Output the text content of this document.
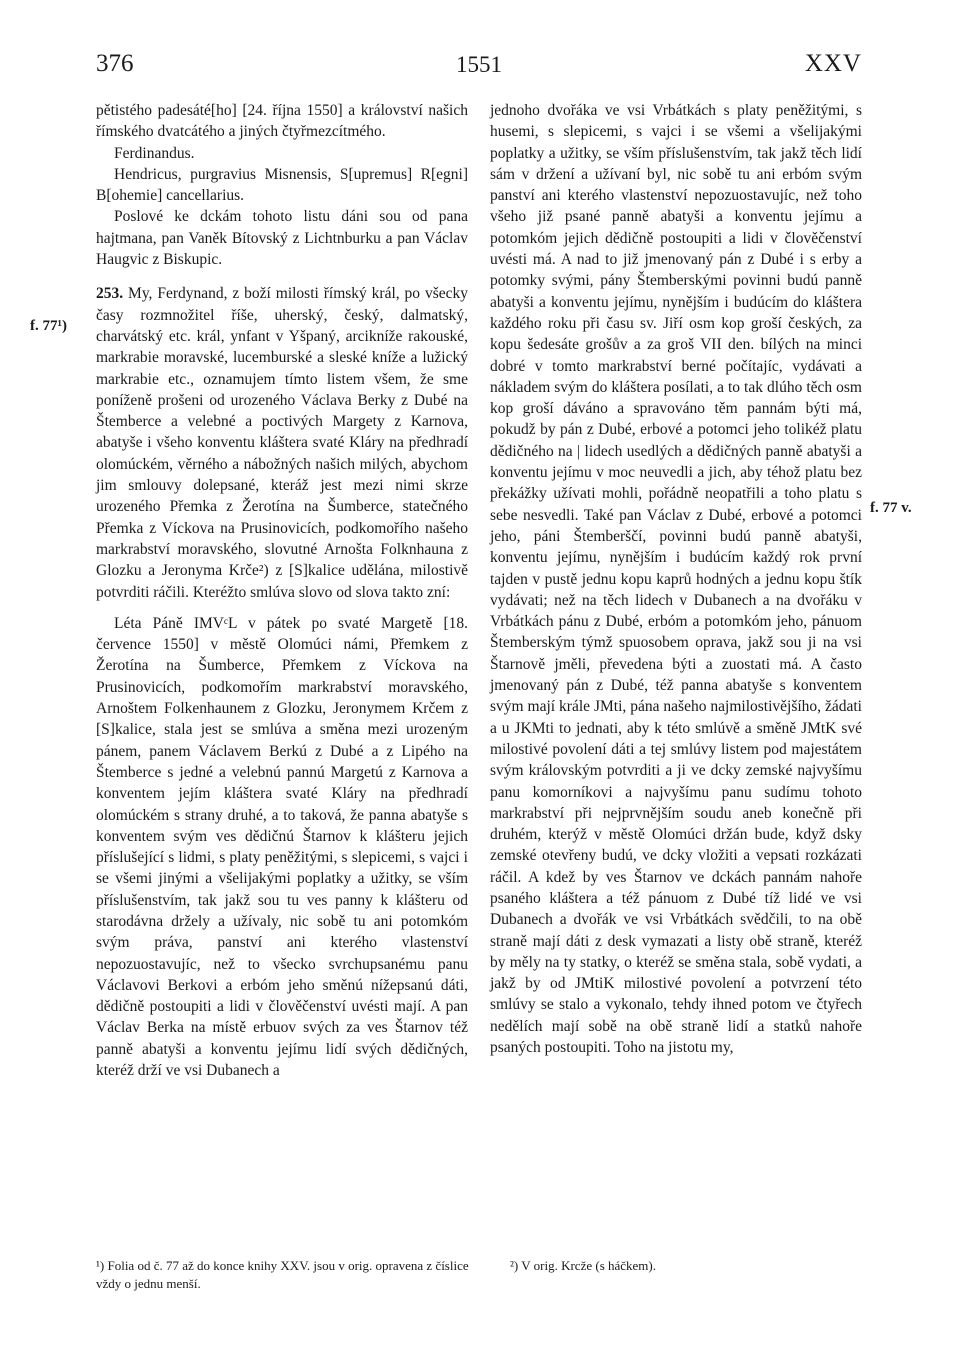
376	1551	XXV
f. 77¹)
f. 77 v.

pětistého padesáté[ho] [24. října 1550] a království našich římského dvatcátého a jiných čtyřmezcítmého.

Ferdinandus.

Hendricus, purgravius Misnensis, S[upremus] R[egni] B[ohemie] cancellarius.

Poslové ke dckám tohoto listu dáni sou od pana hajtmana, pan Vaněk Bítovský z Lichtnburku a pan Václav Haugvic z Biskupic.

253. My, Ferdynand, z boží milosti římský král, po všecky časy rozmnožitel říše, uherský, český, dalmatský, charvátský etc. král, ynfant v Yšpaný, arcikníže rakouské, markrabie moravské, lucemburské a sleské kníže a lužický markrabie etc., oznamujem tímto listem všem, že sme poníženě prošeni od urozeného Václava Berky z Dubé na Štemberce a velebné a poctivých Margety z Karnova, abatyše i všeho konventu kláštera svaté Kláry na předhradí olomúckém, věrného a nábožných našich milých, abychom jim smlouvy dolepsané, kteráž jest mezi nimi skrze urozeného Přemka z Žerotína na Šumberce, statečného Přemka z Víckova na Prusinovicích, podkomořího našeho markrabství moravského, slovutné Arnošta Folknhauna z Glozku a Jeronyma Krče²) z [S]kalice udělána, milostivě potvrditi ráčili. Kteréžto smlúva slovo od slova takto zní:

Léta Páně IMVᶜL v pátek po svaté Margetě [18. července 1550] v městě Olomúci námi, Přemkem z Žerotína na Šumberce, Přemkem z Víckova na Prusinovicích, podkomořím markrabství moravského, Arnoštem Folkenhaunem z Glozku, Jeronymem Krčem z [S]kalice, stala jest se smlúva a směna mezi urozeným pánem, panem Václavem Berkú z Dubé a z Lipého na Štemberce s jedné a velebnú pannú Margetú z Karnova a konventem jejím kláštera svaté Kláry na předhradí olomúckém s strany druhé, a to taková, že panna abatyše s konventem svým ves dědičnú Štarnov k klášteru jejich příslušející s lidmi, s platy peněžitými, s slepicemi, s vajci i se všemi jinými a všelijakými poplatky a užitky, se vším příslušenstvím, tak jakž sou tu ves panny k klášteru od starodávna držely a užívaly, nic sobě tu ani potomkóm svým práva, panství ani kterého vlastenství nepozuostavujíc, než to všecko svrchupsanému panu Václavovi Berkovi a erbóm jeho směnú nížepsanú dáti, dědičně postoupiti a lidi v člověčenství uvésti mají. A pan Václav Berka na místě erbuov svých za ves Štarnov též panně abatyši a konventu jejímu lidí svých dědičných, kteréž drží ve vsi Dubanech a

jednoho dvořáka ve vsi Vrbátkách s platy peněžitými, s husemi, s slepicemi, s vajci i se všemi a všelijakými poplatky a užitky, se vším příslušenstvím, tak jakž těch lidí sám v držení a užívaní byl, nic sobě tu ani erbóm svým panství ani kterého vlastenství nepozuostavujíc, než toho všeho již psané panně abatyši a konventu jejímu a potomkóm jejich dědičně postoupiti a lidi v člověčenství uvésti má. A nad to již jmenovaný pán z Dubé i s erby a potomky svými, pány Štemberskými povinni budú panně abatyši a konventu jejímu, nynějším i budúcím do kláštera každého roku při času sv. Jiří osm kop groší českých, za kopu šedesáte grošův a za groš VII den. bílých na minci dobré v tomto markrabství berné počítajíc, vydávati a nákladem svým do kláštera posílati, a to tak dlúho těch osm kop groší dáváno a spravováno těm pannám býti má, pokudž by pán z Dubé, erbové a potomci jeho tolikéž platu dědičného na | lidech usedlých a dědičných panně abatyši a konventu jejímu v moc neuvedli a jich, aby téhož platu bez překážky užívati mohli, pořádně neopatřili a toho platu s sebe nesvedli. Také pan Václav z Dubé, erbové a potomci jeho, páni Štemberščí, povinni budú panně abatyši, konventu jejímu, nynějším i budúcím každý rok první tajden v pustě jednu kopu kaprů hodných a jednu kopu štík vydávati; než na těch lidech v Dubanech a na dvořáku v Vrbátkách pánu z Dubé, erbóm a potomkóm jeho, pánuom Štemberským týmž spuosobem oprava, jakž sou ji na vsi Štarnově jměli, převedena býti a zuostati má. A často jmenovaný pán z Dubé, též panna abatyše s konventem svým mají krále JMti, pána našeho najmilostivějšího, žádati a u JKMti to jednati, aby k této smlúvě a směně JMtK své milostivé povolení dáti a tej smlúvy listem pod majestátem svým královským potvrditi a ji ve dcky zemské najvyšímu panu komorníkovi a najvyšímu panu sudímu tohoto markrabství při nejprvnějším soudu aneb konečně při druhém, kterýž v městě Olomúci držán bude, když dsky zemské otevřeny budú, ve dcky vložiti a vepsati rozkázati ráčil. A kdež by ves Štarnov ve dckách pannám nahoře psaného kláštera a též pánuom z Dubé tíž lidé ve vsi Dubanech a dvořák ve vsi Vrbátkách svědčili, to na obě straně mají dáti z desk vymazati a listy obě straně, kteréž by měly na ty statky, o kteréž se směna stala, sobě vydati, a jakž by od JMtiK milostivé povolení a potvrzení této smlúvy se stalo a vykonalo, tehdy ihned potom ve čtyřech nedělích mají sobě na obě straně lidí a statků nahoře psaných postoupiti. Toho na jistotu my,

¹) Folia od č. 77 až do konce knihy XXV. jsou v orig. opravena z číslice vždy o jednu menší.
²) V orig. Krcže (s háčkem).
